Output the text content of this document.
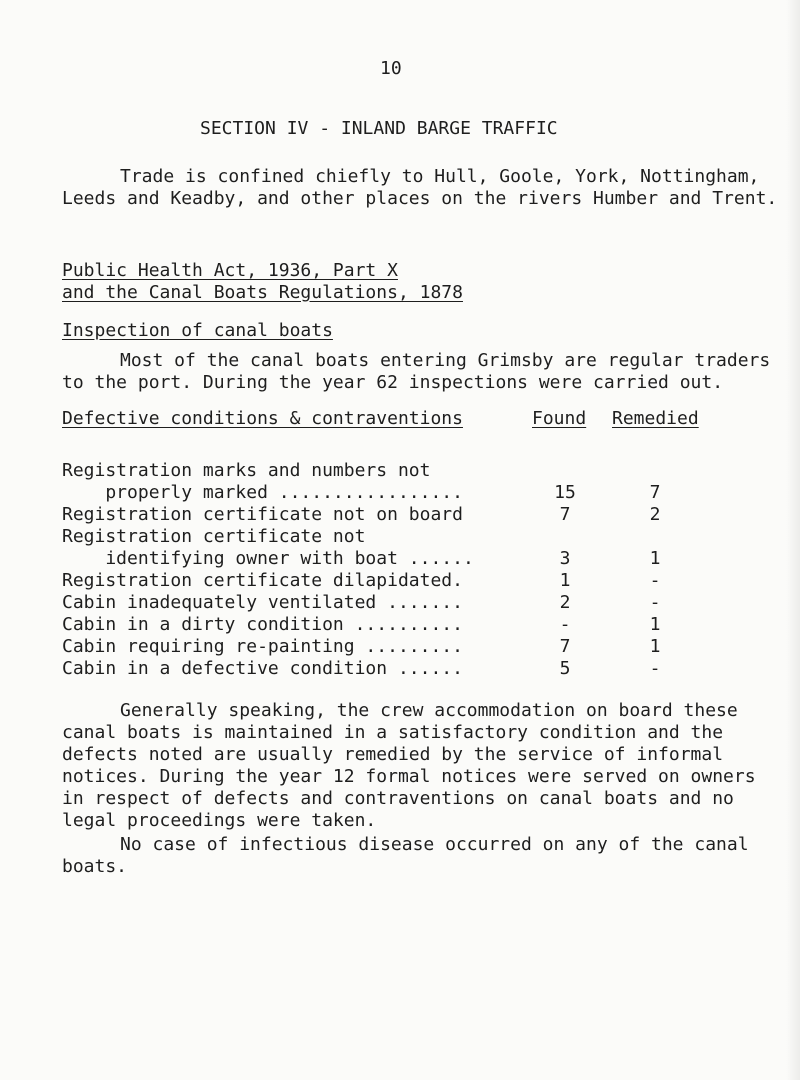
10
SECTION IV - INLAND BARGE TRAFFIC
Trade is confined chiefly to Hull, Goole, York, Nottingham, Leeds and Keadby, and other places on the rivers Humber and Trent.
Public Health Act, 1936, Part X
and the Canal Boats Regulations, 1878
Inspection of canal boats
Most of the canal boats entering Grimsby are regular traders to the port. During the year 62 inspections were carried out.
Defective conditions & contraventions	Found Remedied
Registration marks and numbers not
properly marked .................	15	7
Registration certificate not on board	7	2
Registration certificate not
identifying owner with boat ......	3	1
Registration certificate dilapidated.	1	-
Cabin inadequately ventilated .......	2	-
Cabin in a dirty condition ..........	-	1
Cabin requiring re-painting .........	7	1
Cabin in a defective condition ......	5	-
Generally speaking, the crew accommodation on board these canal boats is maintained in a satisfactory condition and the defects noted are usually remedied by the service of informal notices. During the year 12 formal notices were served on owners in respect of defects and contraventions on canal boats and no legal proceedings were taken.
No case of infectious disease occurred on any of the canal boats.
